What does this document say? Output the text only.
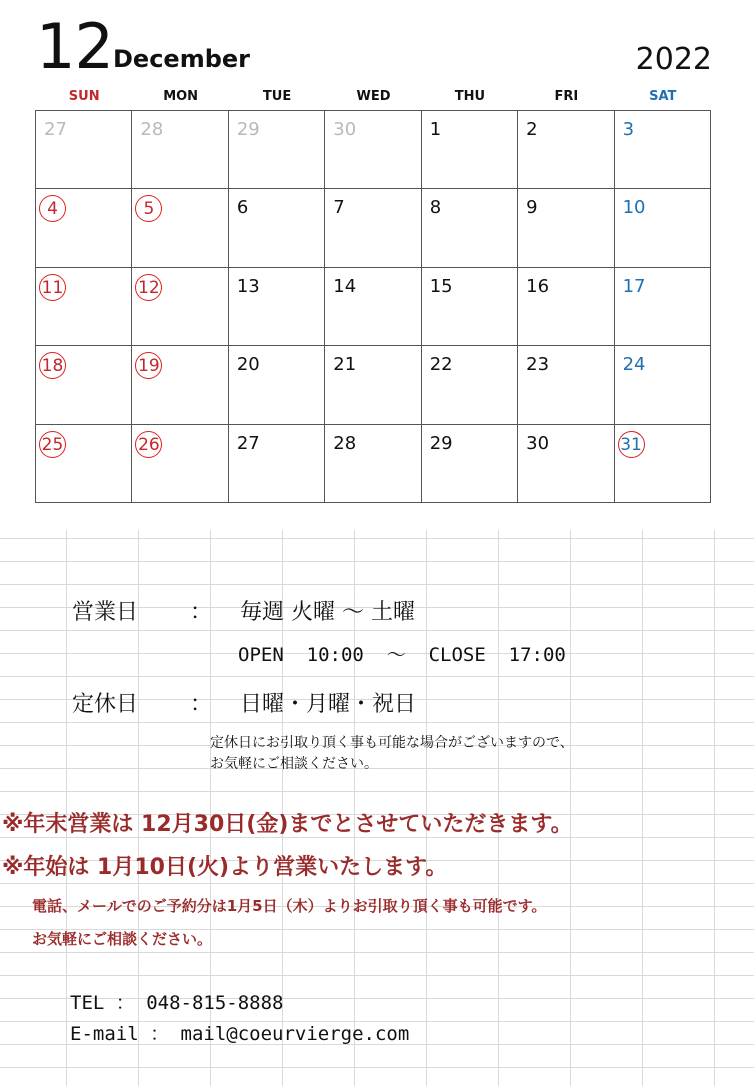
12 December	2022
SUN	MON	TUE	WED	THU	FRI	SAT
27	28	29	30	1	2	3
4	5	6	7	8	9	10
11	12	13	14	15	16	17
18	19	20	21	22	23	24
25	26	27	28	29	30	31
営業日 ： 毎週 火曜 ～ 土曜
OPEN  10:00  ～  CLOSE  17:00
定休日 ： 日曜・月曜・祝日
定休日にお引取り頂く事も可能な場合がございますので、
お気軽にご相談ください。
※年末営業は 12月30日(金)までとさせていただきます。
※年始は 1月10日(火)より営業いたします。
電話、メールでのご予約分は1月5日（木）よりお引取り頂く事も可能です。
お気軽にご相談ください。
TEL ： 048-815-8888
E-mail ： mail@coeurvierge.com
